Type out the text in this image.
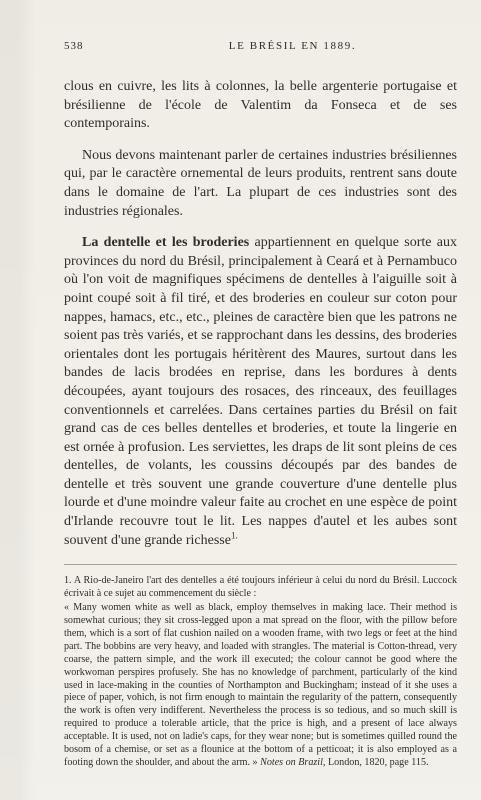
538	LE BRÉSIL EN 1889.

clous en cuivre, les lits à colonnes, la belle argenterie portugaise et brésilienne de l'école de Valentim da Fonseca et de ses contemporains.

Nous devons maintenant parler de certaines industries brésiliennes qui, par le caractère ornemental de leurs produits, rentrent sans doute dans le domaine de l'art. La plupart de ces industries sont des industries régionales.

La dentelle et les broderies appartiennent en quelque sorte aux provinces du nord du Brésil, principalement à Ceará et à Pernambuco où l'on voit de magnifiques spécimens de dentelles à l'aiguille soit à point coupé soit à fil tiré, et des broderies en couleur sur coton pour nappes, hamacs, etc., etc., pleines de caractère bien que les patrons ne soient pas très variés, et se rapprochant dans les dessins, des broderies orientales dont les portugais héritèrent des Maures, surtout dans les bandes de lacis brodées en reprise, dans les bordures à dents découpées, ayant toujours des rosaces, des rinceaux, des feuillages conventionnels et carrelées. Dans certaines parties du Brésil on fait grand cas de ces belles dentelles et broderies, et toute la lingerie en est ornée à profusion. Les serviettes, les draps de lit sont pleins de ces dentelles, de volants, les coussins découpés par des bandes de dentelle et très souvent une grande couverture d'une dentelle plus lourde et d'une moindre valeur faite au crochet en une espèce de point d'Irlande recouvre tout le lit. Les nappes d'autel et les aubes sont souvent d'une grande richesse$^{1.}$

1. A Rio-de-Janeiro l'art des dentelles a été toujours inférieur à celui du nord du Brésil. Luccock écrivait à ce sujet au commencement du siècle :

« Many women white as well as black, employ themselves in making lace. Their method is somewhat curious; they sit cross-legged upon a mat spread on the floor, with the pillow before them, which is a sort of flat cushion nailed on a wooden frame, with two legs or feet at the hind part. The bobbins are very heavy, and loaded with strangles. The material is Cotton-thread, very coarse, the pattern simple, and the work ill executed; the colour cannot be good where the workwoman perspires profusely. She has no knowledge of parchment, particularly of the kind used in lace-making in the counties of Northampton and Buckingham; instead of it she uses a piece of paper, vohich, is not firm enough to maintain the regularity of the pattern, consequently the work is often very indifferent. Nevertheless the process is so tedious, and so much skill is required to produce a tolerable article, that the price is high, and a present of lace always acceptable. It is used, not on ladie's caps, for they wear none; but is sometimes quilled round the bosom of a chemise, or set as a flounice at the bottom of a petticoat; it is also employed as a footing down the shoulder, and about the arm. » Notes on Brazil, London, 1820, page 115.
